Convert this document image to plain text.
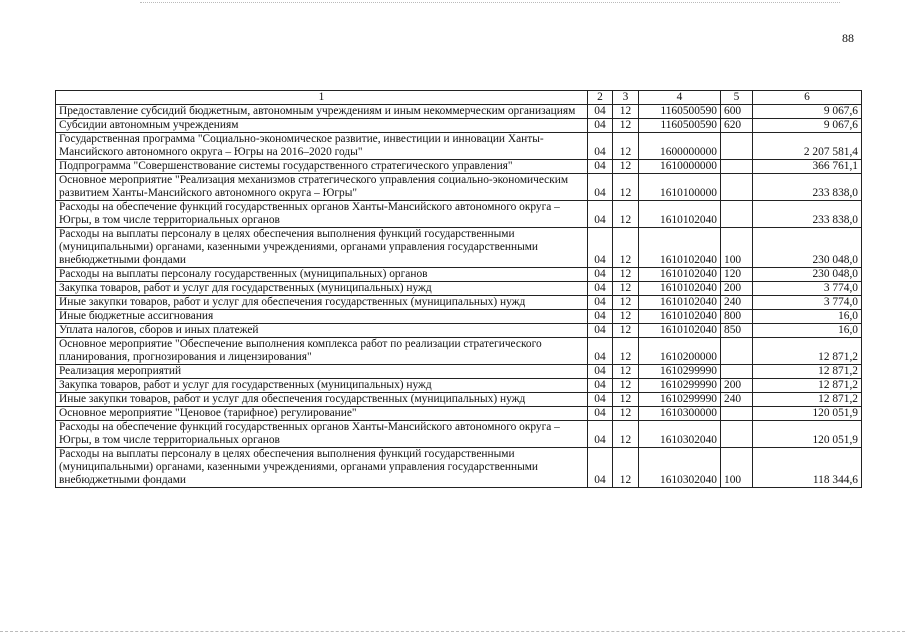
88
1	2	3	4	5	6
Предоставление субсидий бюджетным, автономным учреждениям и иным некоммерческим организациям	04	12	1160500590	600	9 067,6
Субсидии автономным учреждениям	04	12	1160500590	620	9 067,6
Государственная программа "Социально-экономическое развитие, инвестиции и инновации Ханты-Мансийского автономного округа – Югры на 2016–2020 годы"	04	12	1600000000		2 207 581,4
Подпрограмма "Совершенствование системы государственного стратегического управления"	04	12	1610000000		366 761,1
Основное мероприятие "Реализация механизмов стратегического управления социально-экономическим развитием Ханты-Мансийского автономного округа – Югры"	04	12	1610100000		233 838,0
Расходы на обеспечение функций государственных органов Ханты-Мансийского автономного округа – Югры, в том числе территориальных органов	04	12	1610102040		233 838,0
Расходы на выплаты персоналу в целях обеспечения выполнения функций государственными (муниципальными) органами, казенными учреждениями, органами управления государственными внебюджетными фондами	04	12	1610102040	100	230 048,0
Расходы на выплаты персоналу государственных (муниципальных) органов	04	12	1610102040	120	230 048,0
Закупка товаров, работ и услуг для государственных (муниципальных) нужд	04	12	1610102040	200	3 774,0
Иные закупки товаров, работ и услуг для обеспечения государственных (муниципальных) нужд	04	12	1610102040	240	3 774,0
Иные бюджетные ассигнования	04	12	1610102040	800	16,0
Уплата налогов, сборов и иных платежей	04	12	1610102040	850	16,0
Основное мероприятие "Обеспечение выполнения комплекса работ по реализации стратегического планирования, прогнозирования и лицензирования"	04	12	1610200000		12 871,2
Реализация мероприятий	04	12	1610299990		12 871,2
Закупка товаров, работ и услуг для государственных (муниципальных) нужд	04	12	1610299990	200	12 871,2
Иные закупки товаров, работ и услуг для обеспечения государственных (муниципальных) нужд	04	12	1610299990	240	12 871,2
Основное мероприятие "Ценовое (тарифное) регулирование"	04	12	1610300000		120 051,9
Расходы на обеспечение функций государственных органов Ханты-Мансийского автономного округа – Югры, в том числе территориальных органов	04	12	1610302040		120 051,9
Расходы на выплаты персоналу в целях обеспечения выполнения функций государственными (муниципальными) органами, казенными учреждениями, органами управления государственными внебюджетными фондами	04	12	1610302040	100	118 344,6
